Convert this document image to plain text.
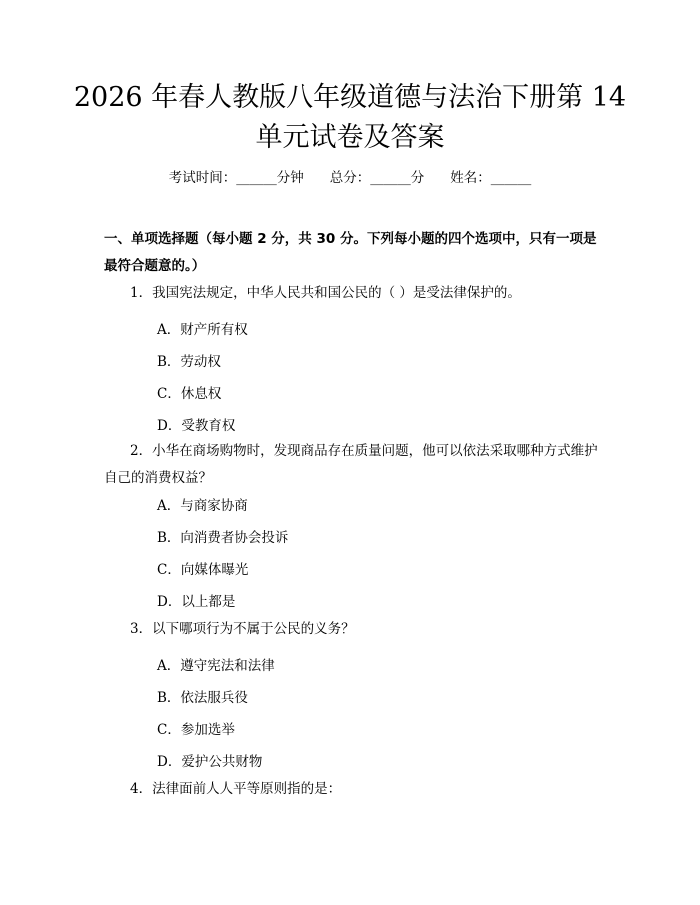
2026 年春人教版八年级道德与法治下册第 14
单元试卷及答案
考试时间：______分钟 总分：______分 姓名：______
一、单项选择题（每小题 2 分，共 30 分。下列每小题的四个选项中，只有一项是最符合题意的。）
1．我国宪法规定，中华人民共和国公民的（ ）是受法律保护的。
A．财产所有权
B．劳动权
C．休息权
D．受教育权
2．小华在商场购物时，发现商品存在质量问题，他可以依法采取哪种方式维护自己的消费权益？
A．与商家协商
B．向消费者协会投诉
C．向媒体曝光
D．以上都是
3．以下哪项行为不属于公民的义务？
A．遵守宪法和法律
B．依法服兵役
C．参加选举
D．爱护公共财物
4．法律面前人人平等原则指的是：
